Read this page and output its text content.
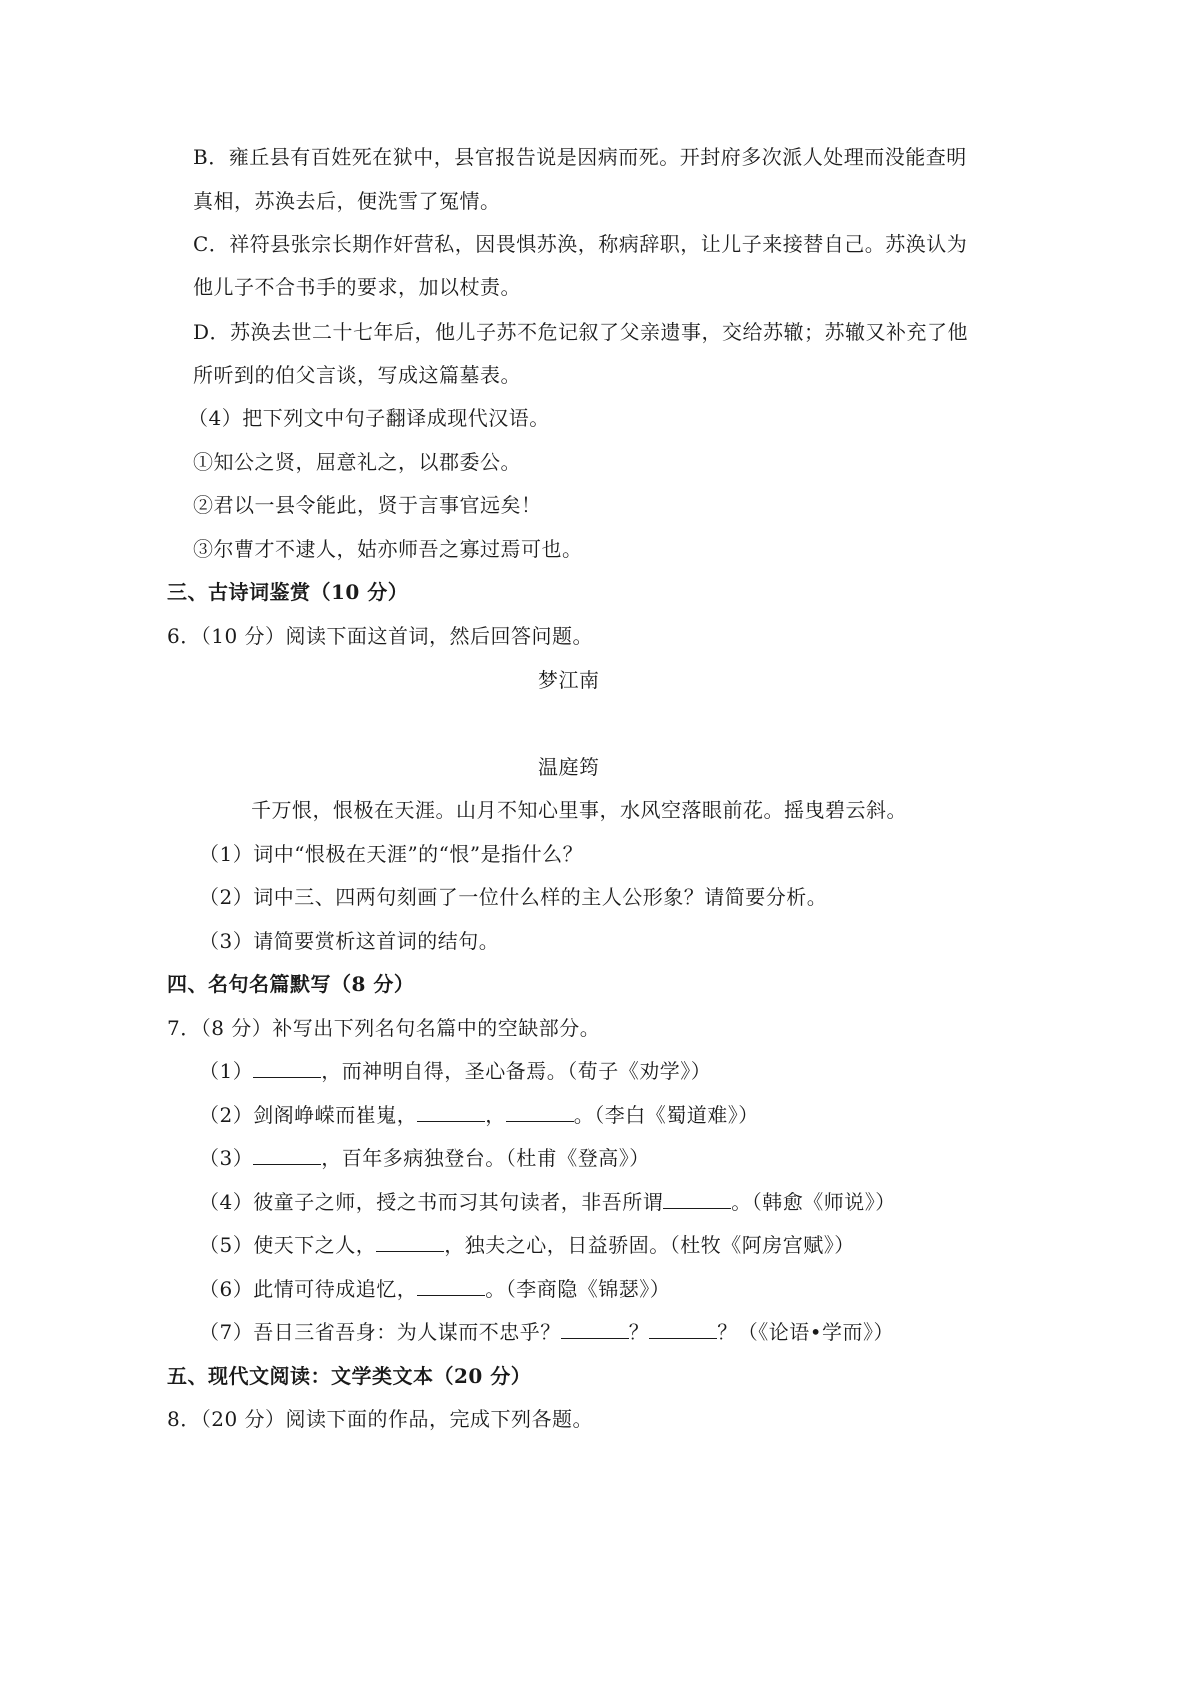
B．雍丘县有百姓死在狱中，县官报告说是因病而死。开封府多次派人处理而没能查明
真相，苏涣去后，便洗雪了冤情。
C．祥符县张宗长期作奸营私，因畏惧苏涣，称病辞职，让儿子来接替自己。苏涣认为
他儿子不合书手的要求，加以杖责。
D．苏涣去世二十七年后，他儿子苏不危记叙了父亲遗事，交给苏辙；苏辙又补充了他
所听到的伯父言谈，写成这篇墓表。
（4）把下列文中句子翻译成现代汉语。
①知公之贤，屈意礼之，以郡委公。
②君以一县令能此，贤于言事官远矣！
③尔曹才不逮人，姑亦师吾之寡过焉可也。
三、古诗词鉴赏（10 分）
6．（10 分）阅读下面这首词，然后回答问题。
梦江南
温庭筠
千万恨，恨极在天涯。山月不知心里事，水风空落眼前花。摇曳碧云斜。
（1）词中“恨极在天涯”的“恨”是指什么？
（2）词中三、四两句刻画了一位什么样的主人公形象？请简要分析。
（3）请简要赏析这首词的结句。
四、名句名篇默写（8 分）
7．（8 分）补写出下列名句名篇中的空缺部分。
（1）	，而神明自得，圣心备焉。（荀子《劝学》）
（2）剑阁峥嵘而崔嵬，	，	。（李白《蜀道难》）
（3）	，百年多病独登台。（杜甫《登高》）
（4）彼童子之师，授之书而习其句读者，非吾所谓	。（韩愈《师说》）
（5）使天下之人，	，独夫之心，日益骄固。（杜牧《阿房宫赋》）
（6）此情可待成追忆，	。（李商隐《锦瑟》）
（7）吾日三省吾身：为人谋而不忠乎？	？	？（《论语•学而》）
五、现代文阅读：文学类文本（20 分）
8．（20 分）阅读下面的作品，完成下列各题。
